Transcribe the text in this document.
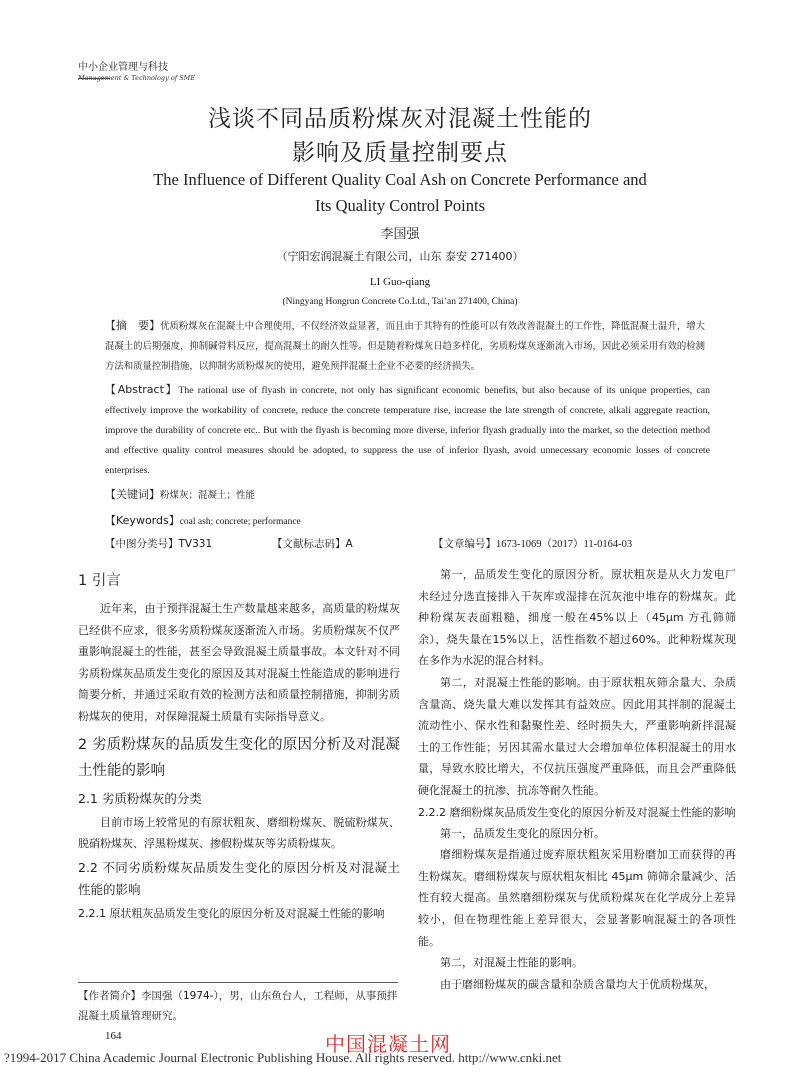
中小企业管理与科技
Management & Technology of SME
浅谈不同品质粉煤灰对混凝土性能的
影响及质量控制要点
The Influence of Different Quality Coal Ash on Concrete Performance and
Its Quality Control Points
李国强
（宁阳宏润混凝土有限公司，山东 泰安 271400）
LI Guo-qiang
(Ningyang Hongrun Concrete Co.Ltd., Tai’an 271400, China)
【摘　要】优质粉煤灰在混凝土中合理使用，不仅经济效益显著，而且由于其特有的性能可以有效改善混凝土的工作性，降低混凝土温升，增大混凝土的后期强度，抑制碱骨料反应，提高混凝土的耐久性等。但是随着粉煤灰日趋多样化，劣质粉煤灰逐渐流入市场，因此必须采用有效的检测方法和质量控制措施，以抑制劣质粉煤灰的使用，避免预拌混凝土企业不必要的经济损失。
【Abstract】The rational use of flyash in concrete, not only has significant economic benefits, but also because of its unique properties, can effectively improve the workability of concrete, reduce the concrete temperature rise, increase the late strength of concrete, alkali aggregate reaction, improve the durability of concrete etc.. But with the flyash is becoming more diverse, inferior flyash gradually into the market, so the detection method and effective quality control measures should be adopted, to suppress the use of inferior flyash, avoid unnecessary economic losses of concrete enterprises.
【关键词】粉煤灰；混凝土；性能
【Keywords】coal ash; concrete; performance
【中图分类号】TV331	【文献标志码】A	【文章编号】1673-1069（2017）11-0164-03
1 引言

近年来，由于预拌混凝土生产数量越来越多，高质量的粉煤灰已经供不应求，很多劣质粉煤灰逐渐流入市场。劣质粉煤灰不仅严重影响混凝土的性能，甚至会导致混凝土质量事故。本文针对不同劣质粉煤灰品质发生变化的原因及其对混凝土性能造成的影响进行简要分析，并通过采取有效的检测方法和质量控制措施，抑制劣质粉煤灰的使用，对保障混凝土质量有实际指导意义。

2 劣质粉煤灰的品质发生变化的原因分析及对混凝土性能的影响
2.1 劣质粉煤灰的分类

目前市场上较常见的有原状粗灰、磨细粉煤灰、脱硫粉煤灰、脱硝粉煤灰、浮黑粉煤灰、掺假粉煤灰等劣质粉煤灰。

2.2 不同劣质粉煤灰品质发生变化的原因分析及对混凝土性能的影响
2.2.1 原状粗灰品质发生变化的原因分析及对混凝土性能的影响

第一，品质发生变化的原因分析。原状粗灰是从火力发电厂未经过分选直接排入干灰库或湿排在沉灰池中堆存的粉煤灰。此种粉煤灰表面粗糙，细度一般在45%以上（45μm 方孔筛筛余），烧失量在15%以上，活性指数不超过60%。此种粉煤灰现在多作为水泥的混合材料。

第二，对混凝土性能的影响。由于原状粗灰筛余量大、杂质含量高、烧失量大难以发挥其有益效应。因此用其拌制的混凝土流动性小、保水性和黏聚性差、经时损失大，严重影响新拌混凝土的工作性能；另因其需水量过大会增加单位体积混凝土的用水量，导致水胶比增大，不仅抗压强度严重降低，而且会严重降低硬化混凝土的抗渗、抗冻等耐久性能。

2.2.2 磨细粉煤灰品质发生变化的原因分析及对混凝土性能的影响

第一，品质发生变化的原因分析。

磨细粉煤灰是指通过废弃原状粗灰采用粉磨加工而获得的再生粉煤灰。磨细粉煤灰与原状粗灰相比 45μm 筛筛余量减少、活性有较大提高。虽然磨细粉煤灰与优质粉煤灰在化学成分上差异较小，但在物理性能上差异很大，会显著影响混凝土的各项性能。

第二，对混凝土性能的影响。

由于磨细粉煤灰的碳含量和杂质含量均大于优质粉煤灰，

【作者简介】李国强（1974-），男，山东鱼台人，工程师，从事预拌混凝土质量管理研究。
164	中国混凝土网
?1994-2017 China Academic Journal Electronic Publishing House. All rights reserved. http://www.cnki.net
